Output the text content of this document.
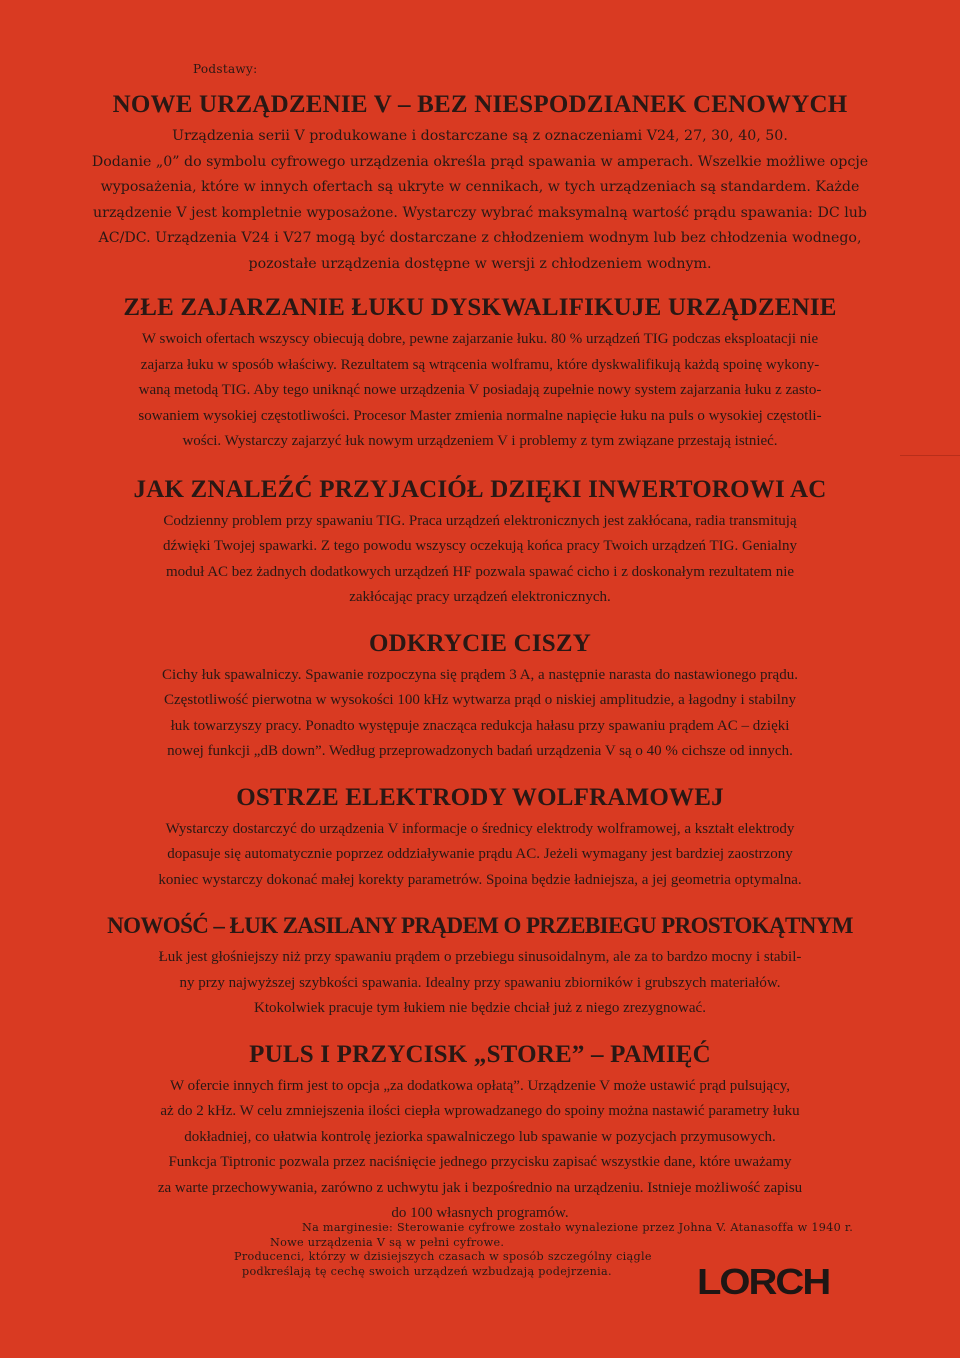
Podstawy:
NOWE URZĄDZENIE V – BEZ NIESPODZIANEK CENOWYCH

Urządzenia serii V produkowane i dostarczane są z oznaczeniami V24, 27, 30, 40, 50.

Dodanie „0” do symbolu cyfrowego urządzenia określa prąd spawania w amperach. Wszelkie możliwe opcje

wyposażenia, które w innych ofertach są ukryte w cennikach, w tych urządzeniach są standardem. Każde

urządzenie V jest kompletnie wyposażone. Wystarczy wybrać maksymalną wartość prądu spawania: DC lub

AC/DC. Urządzenia V24 i V27 mogą być dostarczane z chłodzeniem wodnym lub bez chłodzenia wodnego,

pozostałe urządzenia dostępne w wersji z chłodzeniem wodnym.

ZŁE ZAJARZANIE ŁUKU DYSKWALIFIKUJE URZĄDZENIE

W swoich ofertach wszyscy obiecują dobre, pewne zajarzanie łuku. 80 % urządzeń TIG podczas eksploatacji nie

zajarza łuku w sposób właściwy. Rezultatem są wtrącenia wolframu, które dyskwalifikują każdą spoinę wykony-

waną metodą TIG. Aby tego uniknąć nowe urządzenia V posiadają zupełnie nowy system zajarzania łuku z zasto-

sowaniem wysokiej częstotliwości. Procesor Master zmienia normalne napięcie łuku na puls o wysokiej częstotli-

wości. Wystarczy zajarzyć łuk nowym urządzeniem V i problemy z tym związane przestają istnieć.

JAK ZNALEŹĆ PRZYJACIÓŁ DZIĘKI INWERTOROWI AC

Codzienny problem przy spawaniu TIG. Praca urządzeń elektronicznych jest zakłócana, radia transmitują

dźwięki Twojej spawarki. Z tego powodu wszyscy oczekują końca pracy Twoich urządzeń TIG. Genialny

moduł AC bez żadnych dodatkowych urządzeń HF pozwala spawać cicho i z doskonałym rezultatem nie

zakłócając pracy urządzeń elektronicznych.

ODKRYCIE CISZY

Cichy łuk spawalniczy. Spawanie rozpoczyna się prądem 3 A, a następnie narasta do nastawionego prądu.

Częstotliwość pierwotna w wysokości 100 kHz wytwarza prąd o niskiej amplitudzie, a łagodny i stabilny

łuk towarzyszy pracy. Ponadto występuje znacząca redukcja hałasu przy spawaniu prądem AC – dzięki

nowej funkcji „dB down”. Według przeprowadzonych badań urządzenia V są o 40 % cichsze od innych.

OSTRZE ELEKTRODY WOLFRAMOWEJ

Wystarczy dostarczyć do urządzenia V informacje o średnicy elektrody wolframowej, a kształt elektrody

dopasuje się automatycznie poprzez oddziaływanie prądu AC. Jeżeli wymagany jest bardziej zaostrzony

koniec wystarczy dokonać małej korekty parametrów. Spoina będzie ładniejsza, a jej geometria optymalna.

NOWOŚĆ – ŁUK ZASILANY PRĄDEM O PRZEBIEGU PROSTOKĄTNYM

Łuk jest głośniejszy niż przy spawaniu prądem o przebiegu sinusoidalnym, ale za to bardzo mocny i stabil-

ny przy najwyższej szybkości spawania. Idealny przy spawaniu zbiorników i grubszych materiałów.

Ktokolwiek pracuje tym łukiem nie będzie chciał już z niego zrezygnować.

PULS I PRZYCISK „STORE” – PAMIĘĆ

W ofercie innych firm jest to opcja „za dodatkowa opłatą”. Urządzenie V może ustawić prąd pulsujący,

aż do 2 kHz. W celu zmniejszenia ilości ciepła wprowadzanego do spoiny można nastawić parametry łuku

dokładniej, co ułatwia kontrolę jeziorka spawalniczego lub spawanie w pozycjach przymusowych.

Funkcja Tiptronic pozwala przez naciśnięcie jednego przycisku zapisać wszystkie dane, które uważamy

za warte przechowywania, zarówno z uchwytu jak i bezpośrednio na urządzeniu. Istnieje możliwość zapisu

do 100 własnych programów.

Na marginesie: Sterowanie cyfrowe zostało wynalezione przez Johna V. Atanasoffa w 1940 r.
Nowe urządzenia V są w pełni cyfrowe.
Producenci, którzy w dzisiejszych czasach w sposób szczególny ciągle
podkreślają tę cechę swoich urządzeń wzbudzają podejrzenia.	LORCH
